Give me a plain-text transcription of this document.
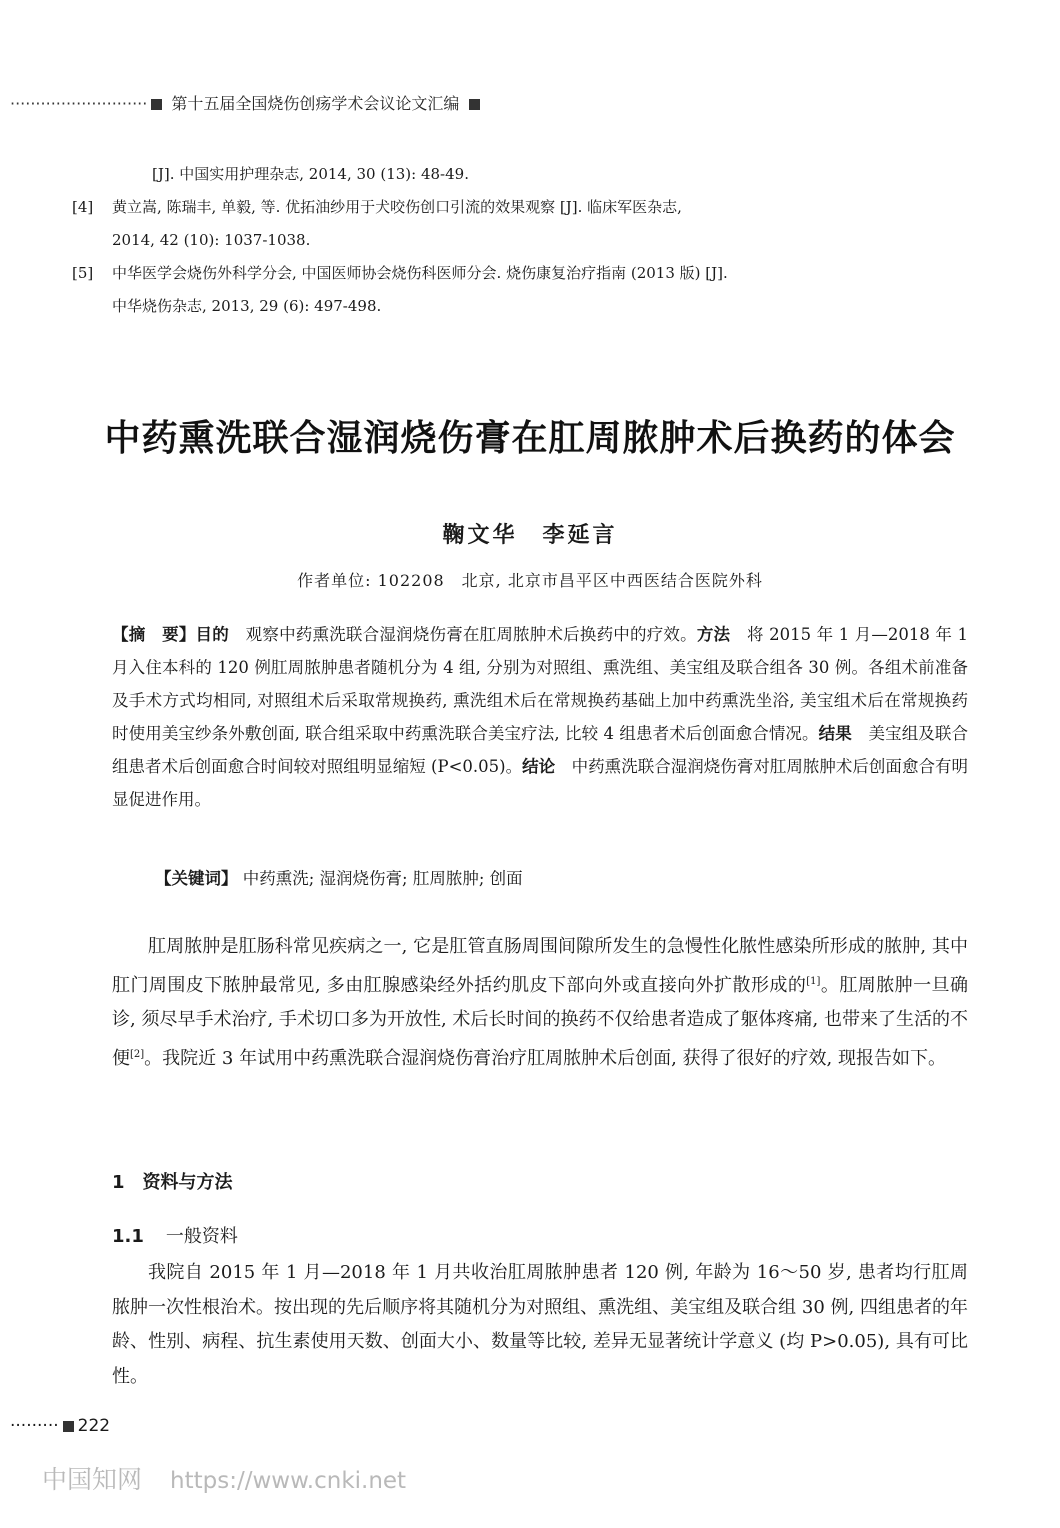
··························· 第十五届全国烧伤创疡学术会议论文汇编
[J]. 中国实用护理杂志, 2014, 30 (13): 48-49.
[4] 黄立嵩, 陈瑞丰, 单毅, 等. 优拓油纱用于犬咬伤创口引流的效果观察 [J]. 临床军医杂志,
2014, 42 (10): 1037-1038.
[5] 中华医学会烧伤外科学分会, 中国医师协会烧伤科医师分会. 烧伤康复治疗指南 (2013 版) [J].
中华烧伤杂志, 2013, 29 (6): 497-498.
中药熏洗联合湿润烧伤膏在肛周脓肿术后换药的体会
鞠文华　李延言
作者单位: 102208　北京, 北京市昌平区中西医结合医院外科
【摘　要】目的　观察中药熏洗联合湿润烧伤膏在肛周脓肿术后换药中的疗效。方法　将 2015 年 1 月—2018 年 1 月入住本科的 120 例肛周脓肿患者随机分为 4 组, 分别为对照组、熏洗组、美宝组及联合组各 30 例。各组术前准备及手术方式均相同, 对照组术后采取常规换药, 熏洗组术后在常规换药基础上加中药熏洗坐浴, 美宝组术后在常规换药时使用美宝纱条外敷创面, 联合组采取中药熏洗联合美宝疗法, 比较 4 组患者术后创面愈合情况。结果　美宝组及联合组患者术后创面愈合时间较对照组明显缩短 (P<0.05)。结论　中药熏洗联合湿润烧伤膏对肛周脓肿术后创面愈合有明显促进作用。
【关键词】 中药熏洗; 湿润烧伤膏; 肛周脓肿; 创面
肛周脓肿是肛肠科常见疾病之一, 它是肛管直肠周围间隙所发生的急慢性化脓性感染所形成的脓肿, 其中肛门周围皮下脓肿最常见, 多由肛腺感染经外括约肌皮下部向外或直接向外扩散形成的[1]。肛周脓肿一旦确诊, 须尽早手术治疗, 手术切口多为开放性, 术后长时间的换药不仅给患者造成了躯体疼痛, 也带来了生活的不便[2]。我院近 3 年试用中药熏洗联合湿润烧伤膏治疗肛周脓肿术后创面, 获得了很好的疗效, 现报告如下。
1　资料与方法
1.1 一般资料
我院自 2015 年 1 月—2018 年 1 月共收治肛周脓肿患者 120 例, 年龄为 16～50 岁, 患者均行肛周脓肿一次性根治术。按出现的先后顺序将其随机分为对照组、熏洗组、美宝组及联合组 30 例, 四组患者的年龄、性别、病程、抗生素使用天数、创面大小、数量等比较, 差异无显著统计学意义 (均 P>0.05), 具有可比性。
········· 222
中国知网 https://www.cnki.net
